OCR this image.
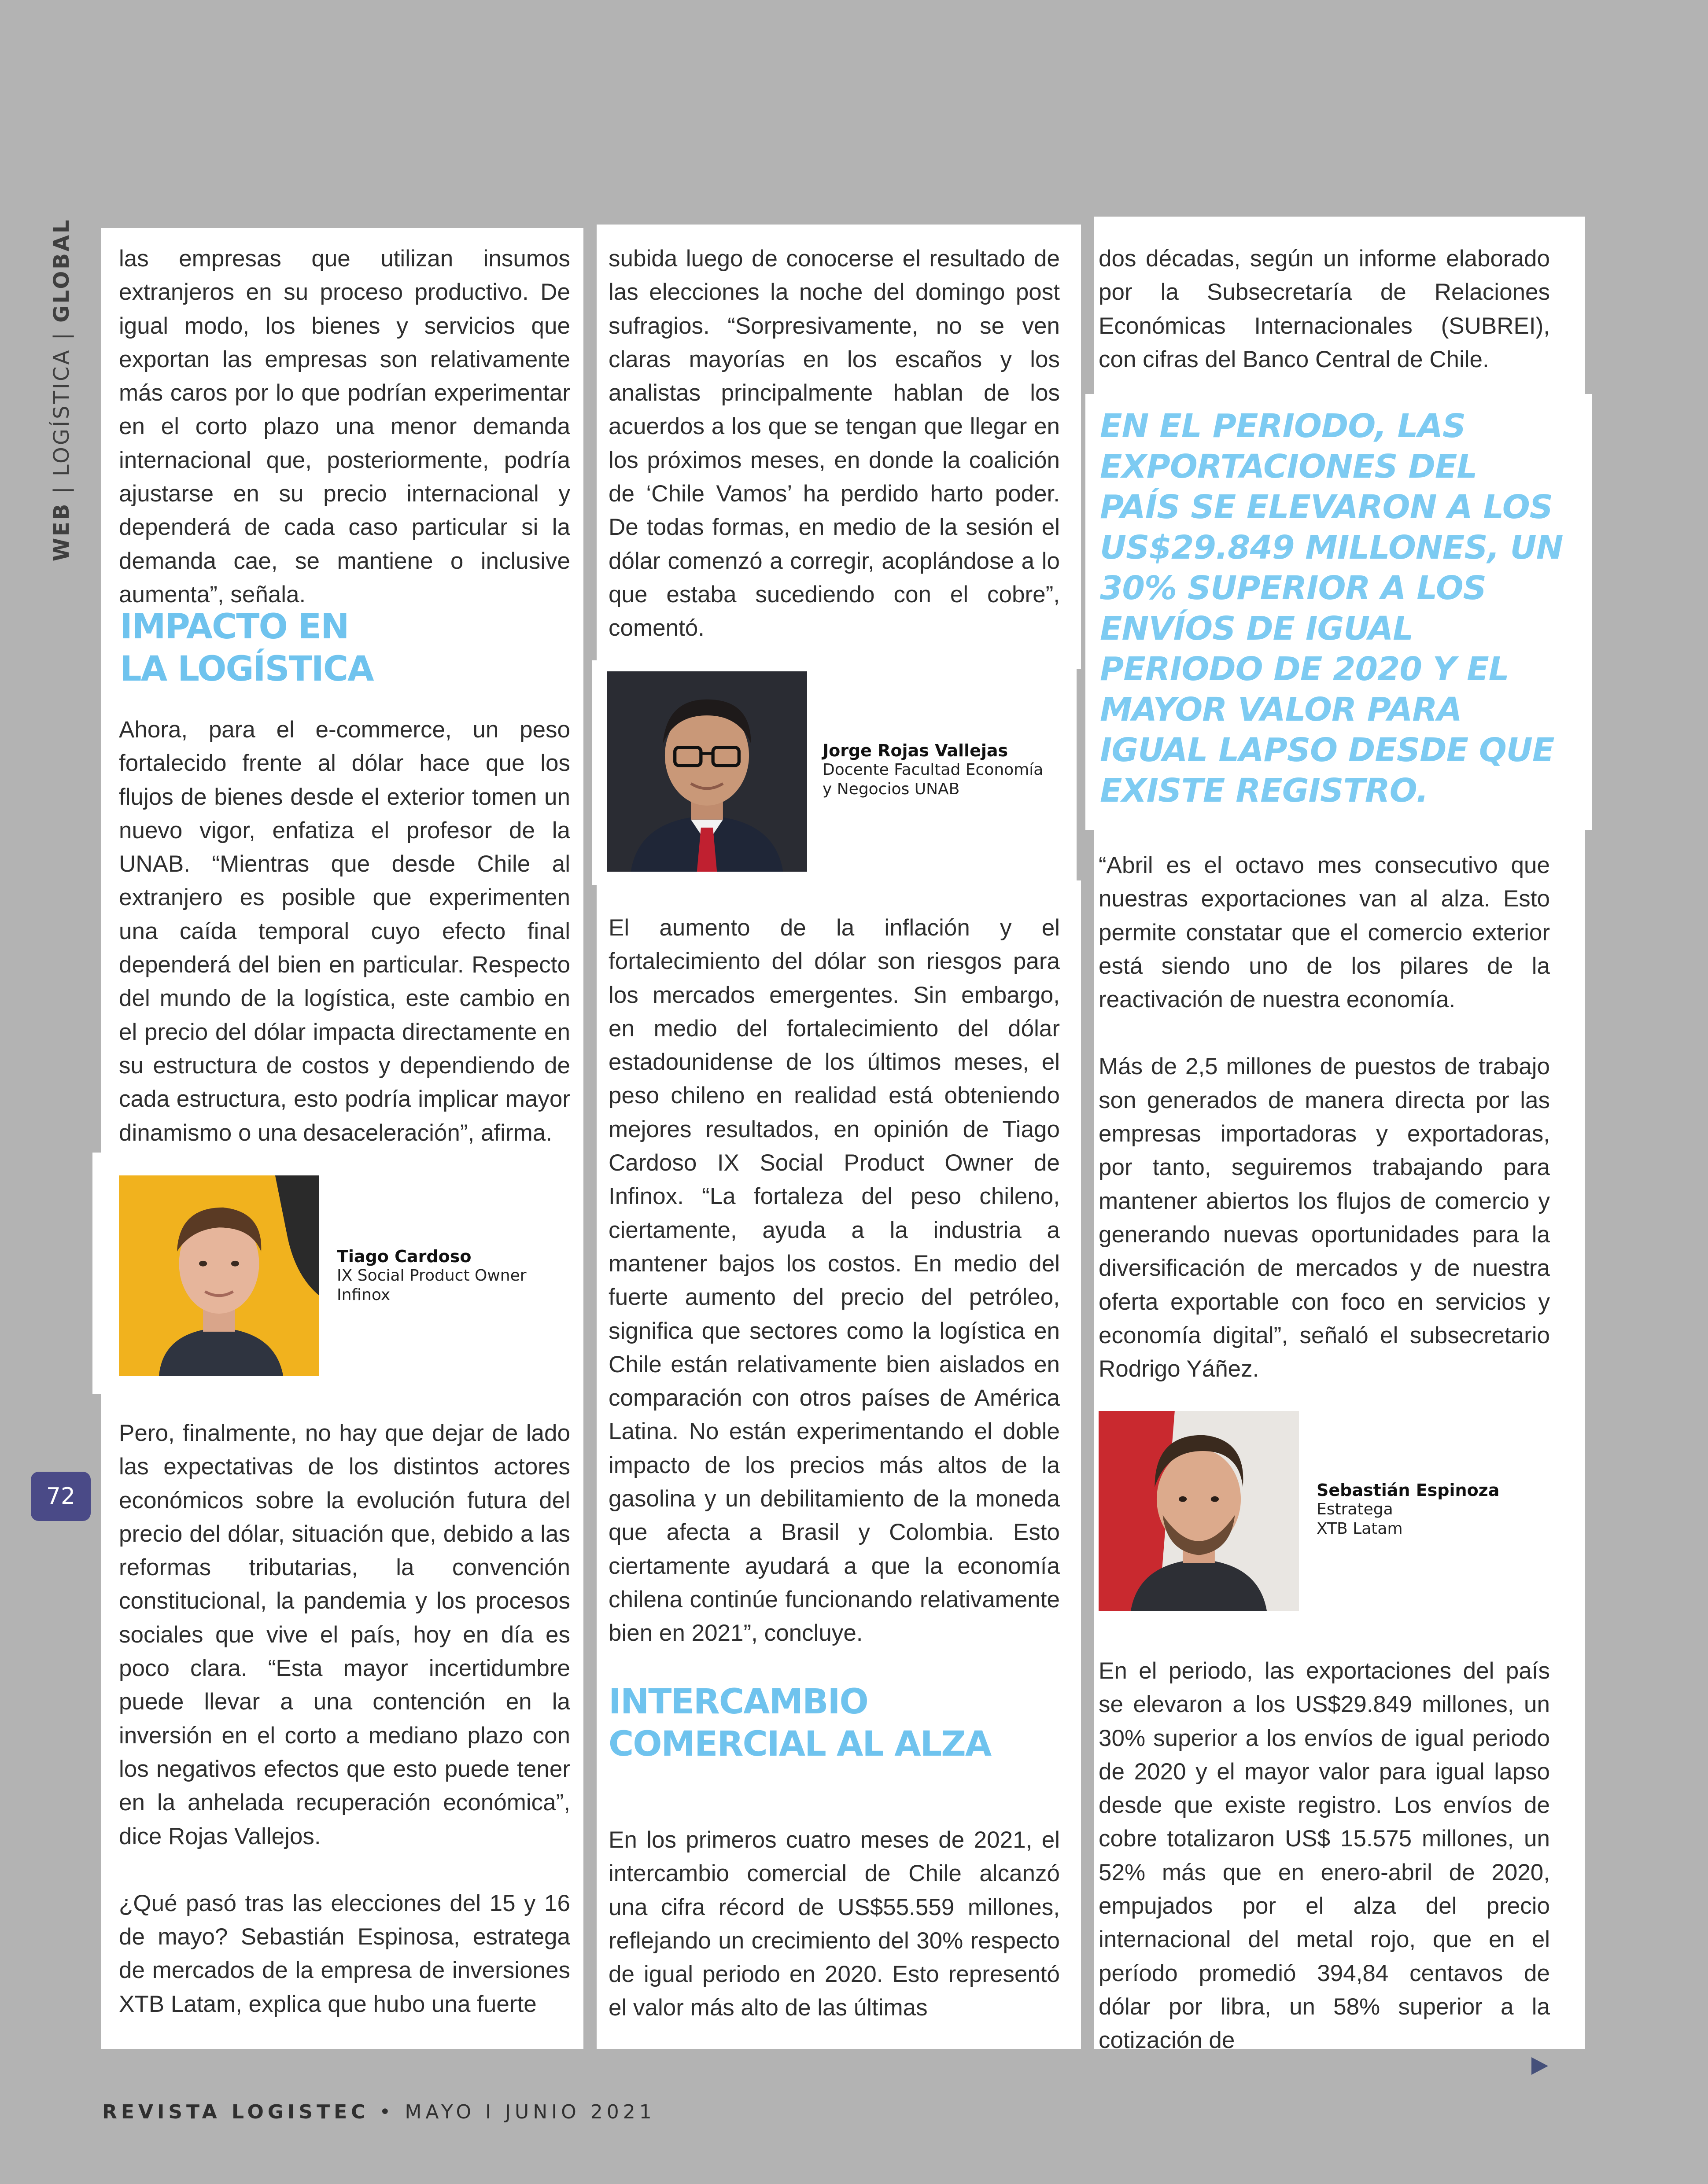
WEB | LOGÍSTICA | GLOBAL las empresas que utilizan insumos extranjeros en su proceso productivo. De igual modo, los bienes y servicios que exportan las empresas son relativamente más caros por lo que podrían experimentar en el corto plazo una menor demanda internacional que, posteriormente, podría ajustarse en su precio internacional y dependerá de cada caso particular si la demanda cae, se mantiene o inclusive aumenta”, señala.

IMPACTO EN
LA LOGÍSTICA

Ahora, para el e-commerce, un peso fortalecido frente al dólar hace que los flujos de bienes desde el exterior tomen un nuevo vigor, enfatiza el profesor de la UNAB. “Mientras que desde Chile al extranjero es posible que experimenten una caída temporal cuyo efecto final dependerá del bien en particular. Respecto del mundo de la logística, este cambio en el precio del dólar impacta directamente en su estructura de costos y dependiendo de cada estructura, esto podría implicar mayor dinamismo o una desaceleración”, afirma.

Tiago Cardoso
IX Social Product Owner
Infinox

Pero, finalmente, no hay que dejar de lado las expectativas de los distintos actores económicos sobre la evolución futura del precio del dólar, situación que, debido a las reformas tributarias, la convención constitucional, la pandemia y los procesos sociales que vive el país, hoy en día es poco clara. “Esta mayor incertidumbre puede llevar a una contención en la inversión en el corto a mediano plazo con los negativos efectos que esto puede tener en la anhelada recuperación económica”, dice Rojas Vallejos.

¿Qué pasó tras las elecciones del 15 y 16 de mayo? Sebastián Espinosa, estratega de mercados de la empresa de inversiones XTB Latam, explica que hubo una fuerte

subida luego de conocerse el resultado de las elecciones la noche del domingo post sufragios. “Sorpresivamente, no se ven claras mayorías en los escaños y los analistas principalmente hablan de los acuerdos a los que se tengan que llegar en los próximos meses, en donde la coalición de ‘Chile Vamos’ ha perdido harto poder. De todas formas, en medio de la sesión el dólar comenzó a corregir, acoplándose a lo que estaba sucediendo con el cobre”, comentó.

Jorge Rojas Vallejas
Docente Facultad Economía
y Negocios UNAB

El aumento de la inflación y el fortalecimiento del dólar son riesgos para los mercados emergentes. Sin embargo, en medio del fortalecimiento del dólar estadounidense de los últimos meses, el peso chileno en realidad está obteniendo mejores resultados, en opinión de Tiago Cardoso IX Social Product Owner de Infinox. “La fortaleza del peso chileno, ciertamente, ayuda a la industria a mantener bajos los costos. En medio del fuerte aumento del precio del petróleo, significa que sectores como la logística en Chile están relativamente bien aislados en comparación con otros países de América Latina. No están experimentando el doble impacto de los precios más altos de la gasolina y un debilitamiento de la moneda que afecta a Brasil y Colombia. Esto ciertamente ayudará a que la economía chilena continúe funcionando relativamente bien en 2021”, concluye.

INTERCAMBIO
COMERCIAL AL ALZA

En los primeros cuatro meses de 2021, el intercambio comercial de Chile alcanzó una cifra récord de US$55.559 millones, reflejando un crecimiento del 30% respecto de igual periodo en 2020. Esto representó el valor más alto de las últimas

dos décadas, según un informe elaborado por la Subsecretaría de Relaciones Económicas Internacionales (SUBREI), con cifras del Banco Central de Chile.

EN EL PERIODO, LAS EXPORTACIONES DEL PAÍS SE ELEVARON A LOS US$29.849 MILLONES, UN 30% SUPERIOR A LOS ENVÍOS DE IGUAL PERIODO DE 2020 Y EL MAYOR VALOR PARA IGUAL LAPSO DESDE QUE EXISTE REGISTRO.

“Abril es el octavo mes consecutivo que nuestras exportaciones van al alza. Esto permite constatar que el comercio exterior está siendo uno de los pilares de la reactivación de nuestra economía.

Más de 2,5 millones de puestos de trabajo son generados de manera directa por las empresas importadoras y exportadoras, por tanto, seguiremos trabajando para mantener abiertos los flujos de comercio y generando nuevas oportunidades para la diversificación de mercados y de nuestra oferta exportable con foco en servicios y economía digital”, señaló el subsecretario Rodrigo Yáñez.

Sebastián Espinoza
Estratega
XTB Latam

En el periodo, las exportaciones del país se elevaron a los US$29.849 millones, un 30% superior a los envíos de igual periodo de 2020 y el mayor valor para igual lapso desde que existe registro. Los envíos de cobre totalizaron US$ 15.575 millones, un 52% más que en enero-abril de 2020, empujados por el alza del precio internacional del metal rojo, que en el período promedió 394,84 centavos de dólar por libra, un 58% superior a la cotización de

72
REVISTA LOGISTEC • MAYO I JUNIO 2021
